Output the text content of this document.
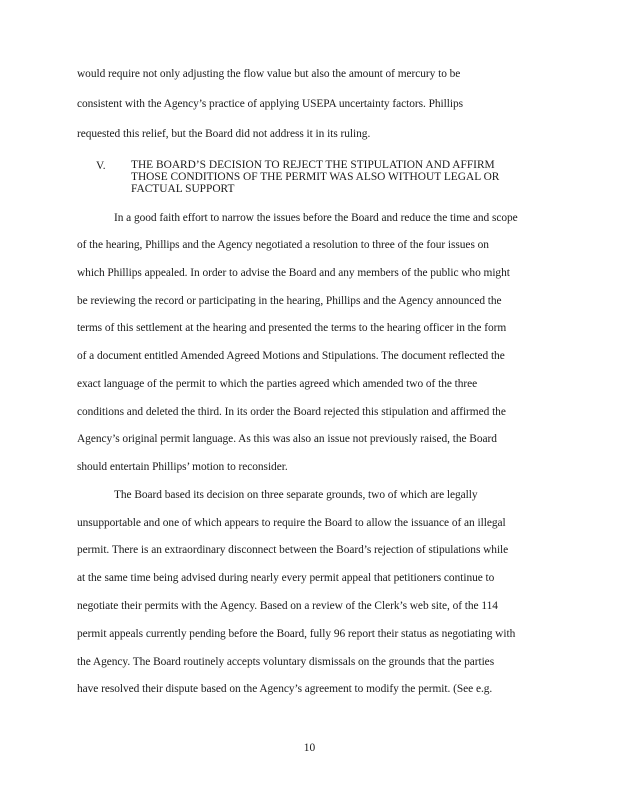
would require not only adjusting the flow value but also the amount of mercury to be
consistent with the Agency’s practice of applying USEPA uncertainty factors. Phillips
requested this relief, but the Board did not address it in its ruling.
V. THE BOARD’S DECISION TO REJECT THE STIPULATION AND AFFIRM
THOSE CONDITIONS OF THE PERMIT WAS ALSO WITHOUT LEGAL OR
FACTUAL SUPPORT
In a good faith effort to narrow the issues before the Board and reduce the time and scope
of the hearing, Phillips and the Agency negotiated a resolution to three of the four issues on
which Phillips appealed. In order to advise the Board and any members of the public who might
be reviewing the record or participating in the hearing, Phillips and the Agency announced the
terms of this settlement at the hearing and presented the terms to the hearing officer in the form
of a document entitled Amended Agreed Motions and Stipulations. The document reflected the
exact language of the permit to which the parties agreed which amended two of the three
conditions and deleted the third. In its order the Board rejected this stipulation and affirmed the
Agency’s original permit language. As this was also an issue not previously raised, the Board
should entertain Phillips’ motion to reconsider.
The Board based its decision on three separate grounds, two of which are legally
unsupportable and one of which appears to require the Board to allow the issuance of an illegal
permit. There is an extraordinary disconnect between the Board’s rejection of stipulations while
at the same time being advised during nearly every permit appeal that petitioners continue to
negotiate their permits with the Agency. Based on a review of the Clerk’s web site, of the 114
permit appeals currently pending before the Board, fully 96 report their status as negotiating with
the Agency. The Board routinely accepts voluntary dismissals on the grounds that the parties
have resolved their dispute based on the Agency’s agreement to modify the permit. (See e.g.
10
